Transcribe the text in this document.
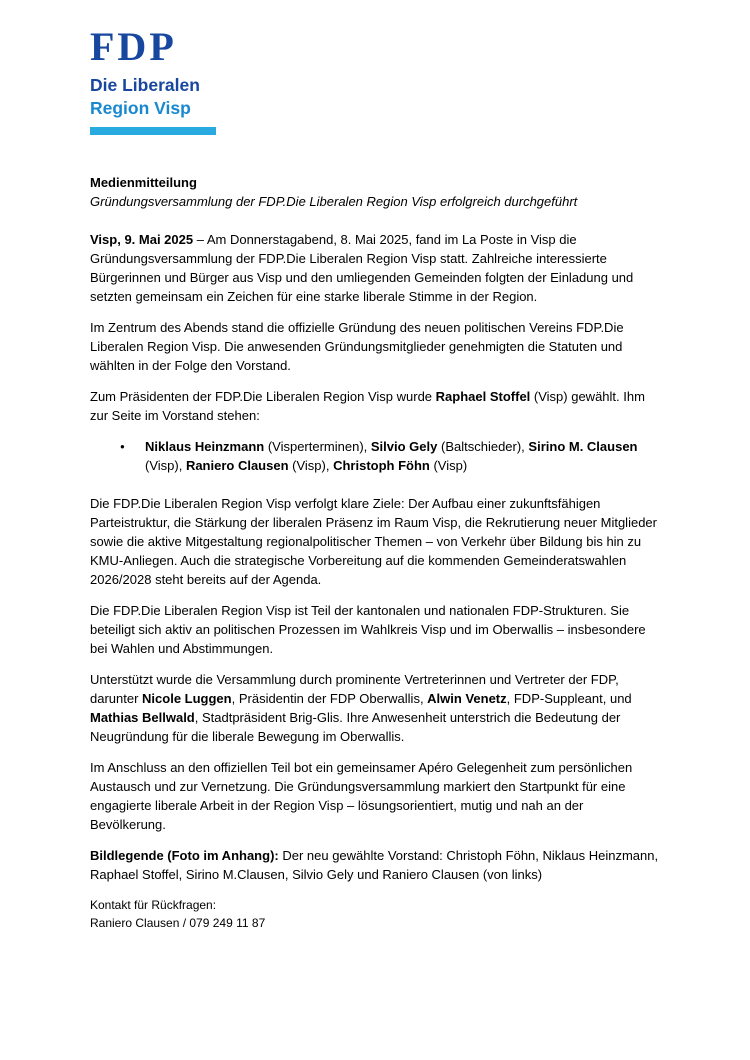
FDP
Die Liberalen
Region Visp

Medienmitteilung

Gründungsversammlung der FDP.Die Liberalen Region Visp erfolgreich durchgeführt

Visp, 9. Mai 2025 – Am Donnerstagabend, 8. Mai 2025, fand im La Poste in Visp die Gründungsversammlung der FDP.Die Liberalen Region Visp statt. Zahlreiche interessierte Bürgerinnen und Bürger aus Visp und den umliegenden Gemeinden folgten der Einladung und setzten gemeinsam ein Zeichen für eine starke liberale Stimme in der Region.

Im Zentrum des Abends stand die offizielle Gründung des neuen politischen Vereins FDP.Die Liberalen Region Visp. Die anwesenden Gründungsmitglieder genehmigten die Statuten und wählten in der Folge den Vorstand.

Zum Präsidenten der FDP.Die Liberalen Region Visp wurde Raphael Stoffel (Visp) gewählt. Ihm zur Seite im Vorstand stehen:

●	Niklaus Heinzmann (Visperterminen), Silvio Gely (Baltschieder), Sirino M. Clausen (Visp), Raniero Clausen (Visp), Christoph Föhn (Visp)

Die FDP.Die Liberalen Region Visp verfolgt klare Ziele: Der Aufbau einer zukunftsfähigen Parteistruktur, die Stärkung der liberalen Präsenz im Raum Visp, die Rekrutierung neuer Mitglieder sowie die aktive Mitgestaltung regionalpolitischer Themen – von Verkehr über Bildung bis hin zu KMU-Anliegen. Auch die strategische Vorbereitung auf die kommenden Gemeinderatswahlen 2026/2028 steht bereits auf der Agenda.

Die FDP.Die Liberalen Region Visp ist Teil der kantonalen und nationalen FDP-Strukturen. Sie beteiligt sich aktiv an politischen Prozessen im Wahlkreis Visp und im Oberwallis – insbesondere bei Wahlen und Abstimmungen.

Unterstützt wurde die Versammlung durch prominente Vertreterinnen und Vertreter der FDP, darunter Nicole Luggen, Präsidentin der FDP Oberwallis, Alwin Venetz, FDP-Suppleant, und Mathias Bellwald, Stadtpräsident Brig-Glis. Ihre Anwesenheit unterstrich die Bedeutung der Neugründung für die liberale Bewegung im Oberwallis.

Im Anschluss an den offiziellen Teil bot ein gemeinsamer Apéro Gelegenheit zum persönlichen Austausch und zur Vernetzung. Die Gründungsversammlung markiert den Startpunkt für eine engagierte liberale Arbeit in der Region Visp – lösungsorientiert, mutig und nah an der Bevölkerung.

Bildlegende (Foto im Anhang): Der neu gewählte Vorstand: Christoph Föhn, Niklaus Heinzmann, Raphael Stoffel, Sirino M.Clausen, Silvio Gely und Raniero Clausen (von links)

Kontakt für Rückfragen:
Raniero Clausen / 079 249 11 87
